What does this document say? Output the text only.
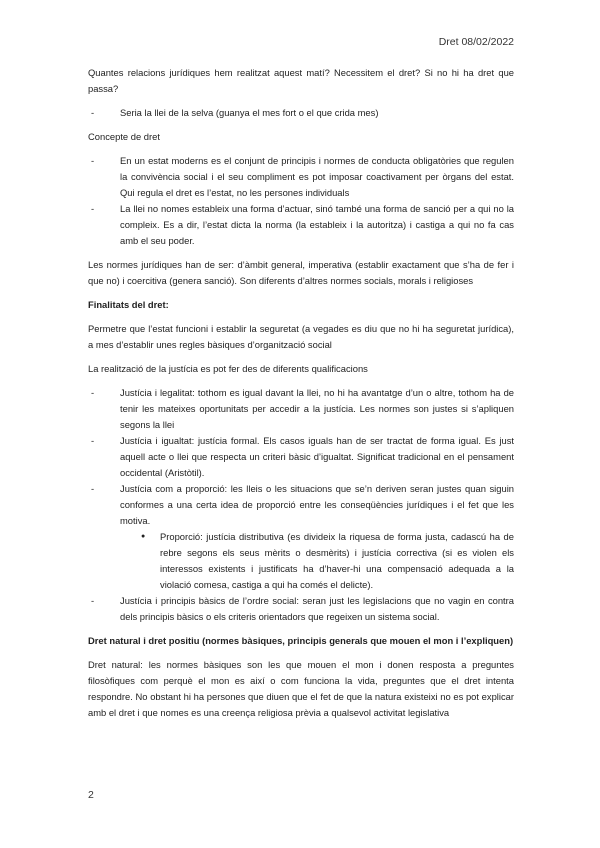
Dret 08/02/2022

Quantes relacions jurídiques hem realitzat aquest matí? Necessitem el dret? Si no hi ha dret que passa?

- Seria la llei de la selva (guanya el mes fort o el que crida mes)

Concepte de dret

- En un estat moderns es el conjunt de principis i normes de conducta obligatòries que regulen la convivència social i el seu compliment es pot imposar coactivament per òrgans del estat. Qui regula el dret es l’estat, no les persones individuals
- La llei no nomes estableix una forma d’actuar, sinó també una forma de sanció per a qui no la compleix. Es a dir, l’estat dicta la norma (la estableix i la autoritza) i castiga a qui no fa cas amb el seu poder.

Les normes jurídiques han de ser: d’àmbit general, imperativa (establir exactament que s’ha de fer i que no) i coercitiva (genera sanció). Son diferents d’altres normes socials, morals i religioses

Finalitats del dret:

Permetre que l’estat funcioni i establir la seguretat (a vegades es diu que no hi ha seguretat jurídica), a mes d’establir unes regles bàsiques d’organització social

La realització de la justícia es pot fer des de diferents qualificacions

- Justícia i legalitat: tothom es igual davant la llei, no hi ha avantatge d’un o altre, tothom ha de tenir les mateixes oportunitats per accedir a la justícia. Les normes son justes si s’apliquen segons la llei
- Justícia i igualtat: justícia formal. Els casos iguals han de ser tractat de forma igual. Es just aquell acte o llei que respecta un criteri bàsic d’igualtat. Significat tradicional en el pensament occidental (Aristòtil).
- Justícia com a proporció: les lleis o les situacions que se’n deriven seran justes quan siguin conformes a una certa idea de proporció entre les conseqüències jurídiques i el fet que les motiva.
● Proporció: justícia distributiva (es divideix la riquesa de forma justa, cadascú ha de rebre segons els seus mèrits o desmèrits) i justícia correctiva (si es violen els interessos existents i justificats ha d’haver-hi una compensació adequada a la violació comesa, castiga a qui ha comés el delicte).
- Justícia i principis bàsics de l’ordre social: seran just les legislacions que no vagin en contra dels principis bàsics o els criteris orientadors que regeixen un sistema social.

Dret natural i dret positiu (normes bàsiques, principis generals que mouen el mon i l’expliquen)

Dret natural: les normes bàsiques son les que mouen el mon i donen resposta a preguntes filosòfiques com perquè el mon es així o com funciona la vida, preguntes que el dret intenta respondre. No obstant hi ha persones que diuen que el fet de que la natura existeixi no es pot explicar amb el dret i que nomes es una creença religiosa prèvia a qualsevol activitat legislativa

2
